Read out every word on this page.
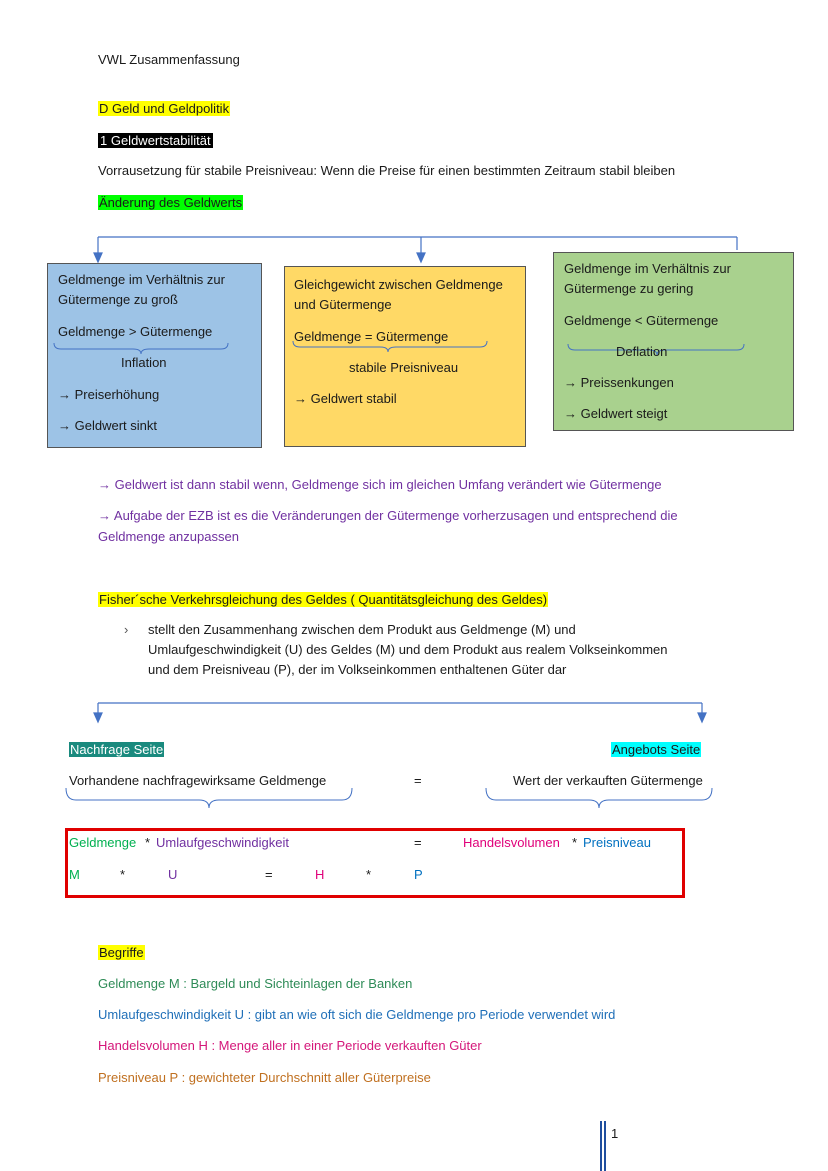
VWL Zusammenfassung
D Geld und Geldpolitik
1 Geldwertstabilität
Vorrausetzung für stabile Preisniveau: Wenn die Preise für einen bestimmten Zeitraum stabil bleiben
Änderung des Geldwerts
Geldmenge im Verhältnis zur
Gütermenge zu groß
Geldmenge > Gütermenge
Inflation
→ Preiserhöhung
→ Geldwert sinkt
Gleichgewicht zwischen Geldmenge
und Gütermenge
Geldmenge = Gütermenge
stabile Preisniveau
→ Geldwert stabil
Geldmenge im Verhältnis zur
Gütermenge zu gering
Geldmenge < Gütermenge
Deflation
→ Preissenkungen
→ Geldwert steigt
→ Geldwert ist dann stabil wenn, Geldmenge sich im gleichen Umfang verändert wie Gütermenge
→ Aufgabe der EZB ist es die Veränderungen der Gütermenge vorherzusagen und entsprechend die
Geldmenge anzupassen
Fisher´sche Verkehrsgleichung des Geldes ( Quantitätsgleichung des Geldes)
› stellt den Zusammenhang zwischen dem Produkt aus Geldmenge (M) und
Umlaufgeschwindigkeit (U) des Geldes (M) und dem Produkt aus realem Volkseinkommen
und dem Preisniveau (P), der im Volkseinkommen enthaltenen Güter dar
Nachfrage Seite	Angebots Seite
Vorhandene nachfragewirksame Geldmenge	=	Wert der verkauften Gütermenge
Geldmenge * Umlaufgeschwindigkeit	=	Handelsvolumen * Preisniveau
M	*	U	=	H	*	P
Begriffe
Geldmenge M : Bargeld und Sichteinlagen der Banken
Umlaufgeschwindigkeit U : gibt an wie oft sich die Geldmenge pro Periode verwendet wird
Handelsvolumen H : Menge aller in einer Periode verkauften Güter
Preisniveau P : gewichteter Durchschnitt aller Güterpreise
1
